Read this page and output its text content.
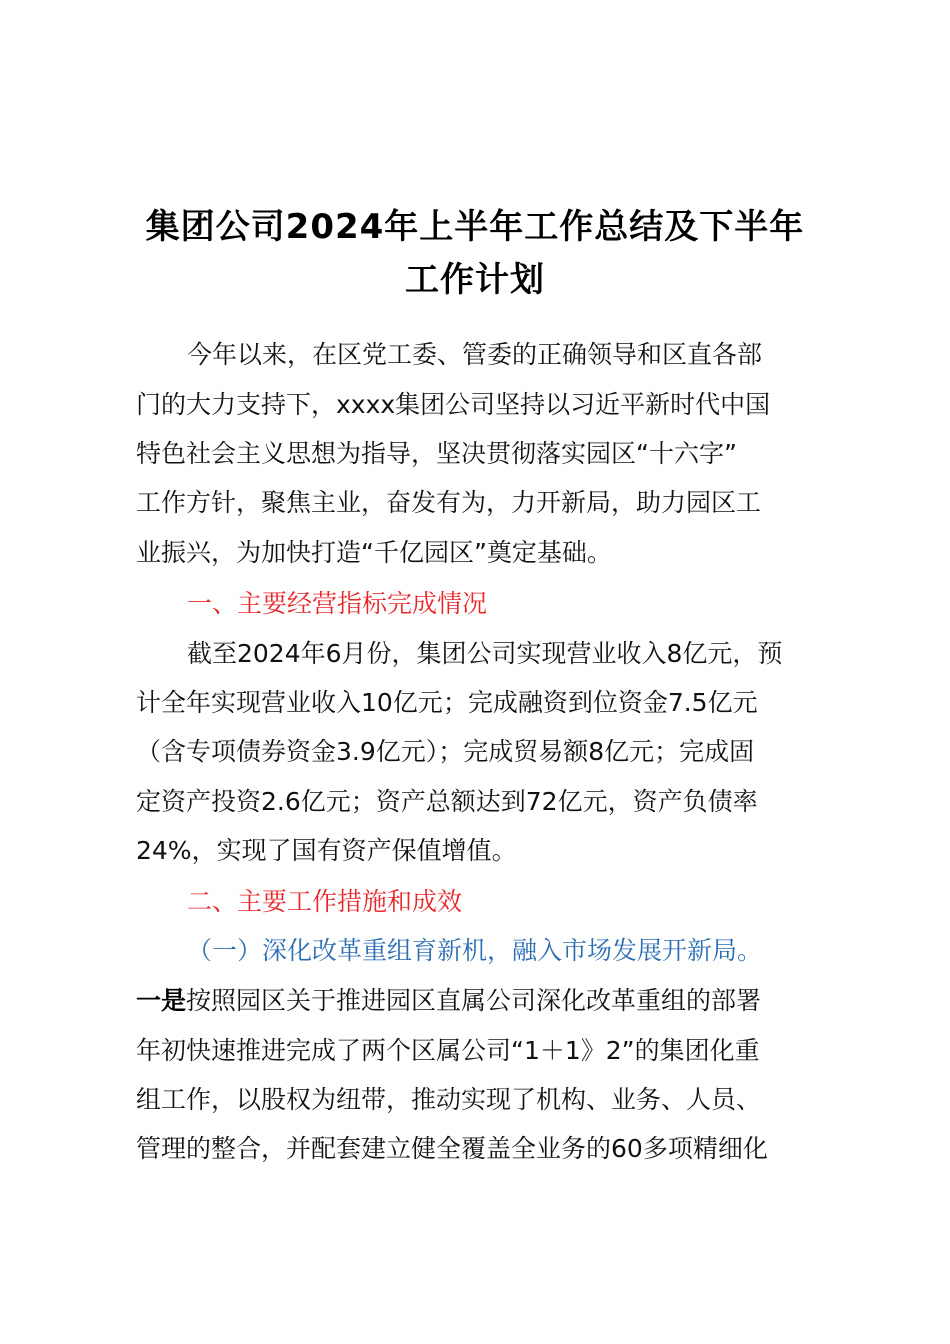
集团公司2024年上半年工作总结及下半年
工作计划
今年以来，在区党工委、管委的正确领导和区直各部
门的大力支持下，xxxx集团公司坚持以习近平新时代中国
特色社会主义思想为指导，坚决贯彻落实园区“十六字”
工作方针，聚焦主业，奋发有为，力开新局，助力园区工
业振兴，为加快打造“千亿园区”奠定基础。
一、主要经营指标完成情况
截至2024年6月份，集团公司实现营业收入8亿元，预
计全年实现营业收入10亿元；完成融资到位资金7.5亿元
（含专项债券资金3.9亿元）；完成贸易额8亿元；完成固
定资产投资2.6亿元；资产总额达到72亿元，资产负债率
24%，实现了国有资产保值增值。
二、主要工作措施和成效
（一）深化改革重组育新机，融入市场发展开新局。
一是按照园区关于推进园区直属公司深化改革重组的部署
年初快速推进完成了两个区属公司“1＋1》2”的集团化重
组工作，以股权为纽带，推动实现了机构、业务、人员、
管理的整合，并配套建立健全覆盖全业务的60多项精细化
